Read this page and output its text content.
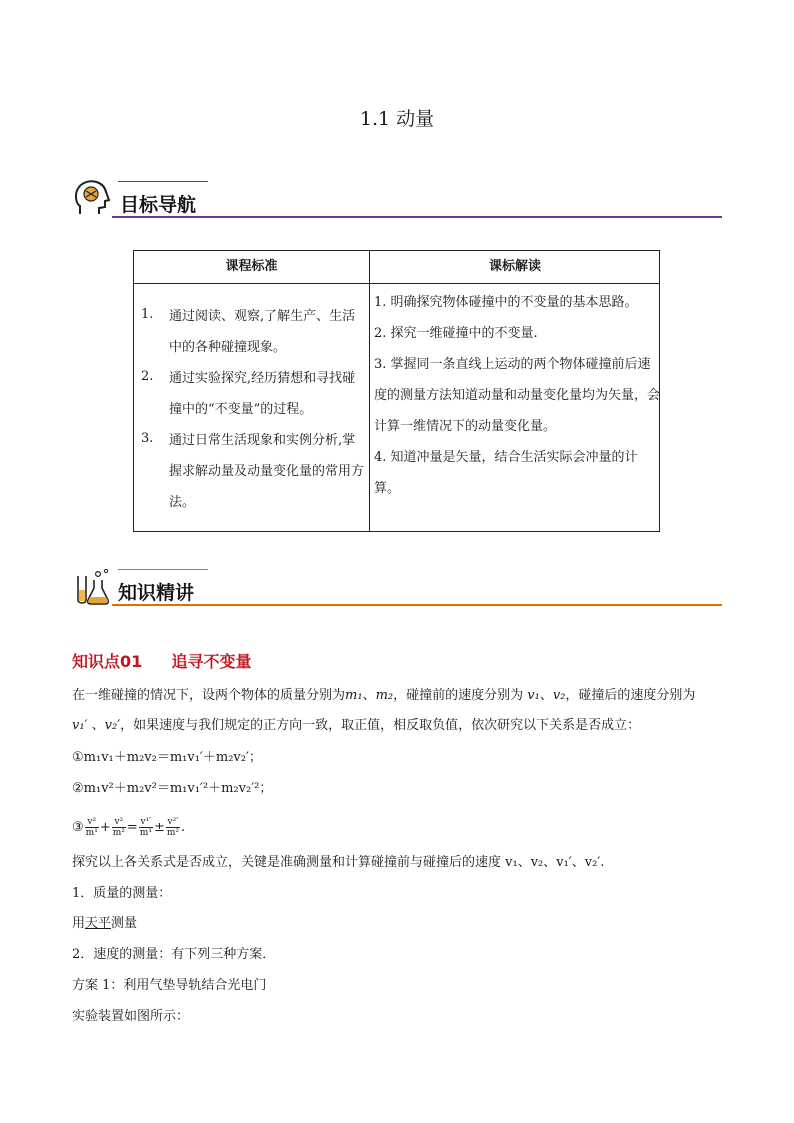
1.1 动量
目标导航
课程标准	课标解读
1. 通过阅读、观察,了解生产、生活中的各种碰撞现象。
2. 通过实验探究,经历猜想和寻找碰撞中的“不变量”的过程。
3. 通过日常生活现象和实例分析,掌握求解动量及动量变化量的常用方法。
1. 明确探究物体碰撞中的不变量的基本思路。
2. 探究一维碰撞中的不变量.
3. 掌握同一条直线上运动的两个物体碰撞前后速度的测量方法知道动量和动量变化量均为矢量，会计算一维情况下的动量变化量。
4. 知道冲量是矢量，结合生活实际会冲量的计算。
知识精讲
知识点01 追寻不变量
在一维碰撞的情况下，设两个物体的质量分别为m₁、m₂，碰撞前的速度分别为 v₁、v₂，碰撞后的速度分别为
v₁′ 、v₂′，如果速度与我们规定的正方向一致，取正值，相反取负值，依次研究以下关系是否成立：
①m₁v₁＋m₂v₂＝m₁v₁′＋m₂v₂′；
②m₁v²＋m₂v²＝m₁v₁′²＋m₂v₂′²；
③ $\frac{\text{v²}}{\text{m¹}} + \frac{\text{v²}}{\text{m²}} = \frac{\text{v¹′}}{\text{m¹}} \pm \frac{\text{v²′}}{\text{m²}}$ .
探究以上各关系式是否成立，关键是准确测量和计算碰撞前与碰撞后的速度 v₁、v₂、v₁′、v₂′.
1．质量的测量：
用天平测量
2．速度的测量：有下列三种方案．
方案 1：利用气垫导轨结合光电门
实验装置如图所示：
